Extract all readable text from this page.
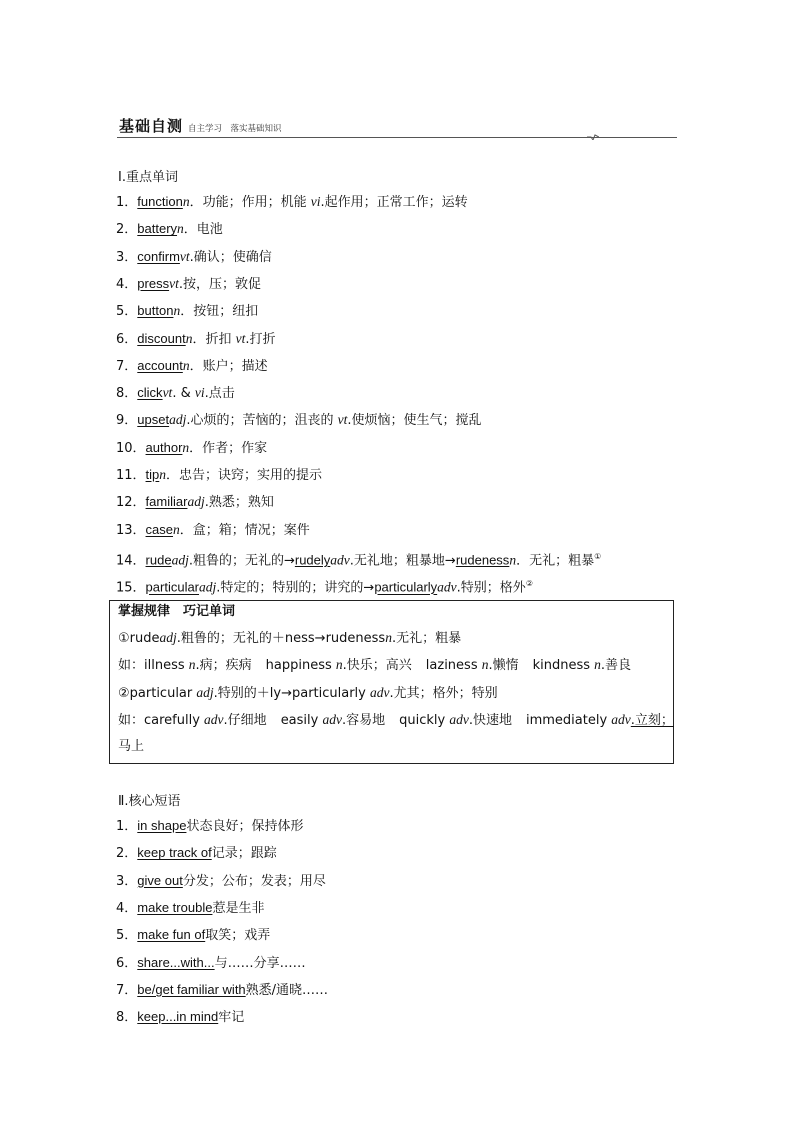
基础自测 自主学习　落实基础知识
Ⅰ.重点单词
1．functionn．功能；作用；机能 vi.起作用；正常工作；运转
2．batteryn．电池
3．confirmvt.确认；使确信
4．pressvt.按，压；敦促
5．buttonn．按钮；纽扣
6．discountn．折扣 vt.打折
7．accountn．账户；描述
8．clickvt. & vi.点击
9．upsetadj.心烦的；苦恼的；沮丧的 vt.使烦恼；使生气；搅乱
10．authorn．作者；作家
11．tipn．忠告；诀窍；实用的提示
12．familiaradj.熟悉；熟知
13．casen．盒；箱；情况；案件
14．rudeadj.粗鲁的；无礼的→rudelyadv.无礼地；粗暴地→rudenessn．无礼；粗暴①
15．particularadj.特定的；特别的；讲究的→particularlyadv.特别；格外②
掌握规律　巧记单词
①rudeadj.粗鲁的；无礼的＋ness→rudenessn.无礼；粗暴
如：illness n.病；疾病 happiness n.快乐；高兴 laziness n.懒惰 kindness n.善良
②particular adj.特别的＋ly→particularly adv.尤其；格外；特别
如：carefully adv.仔细地 easily adv.容易地 quickly adv.快速地 immediately adv.立刻；
马上
Ⅱ.核心短语
1．in shape状态良好；保持体形
2．keep track of记录；跟踪
3．give out分发；公布；发表；用尽
4．make trouble惹是生非
5．make fun of取笑；戏弄
6．share...with...与……分享……
7．be/get familiar with熟悉/通晓……
8．keep...in mind牢记
